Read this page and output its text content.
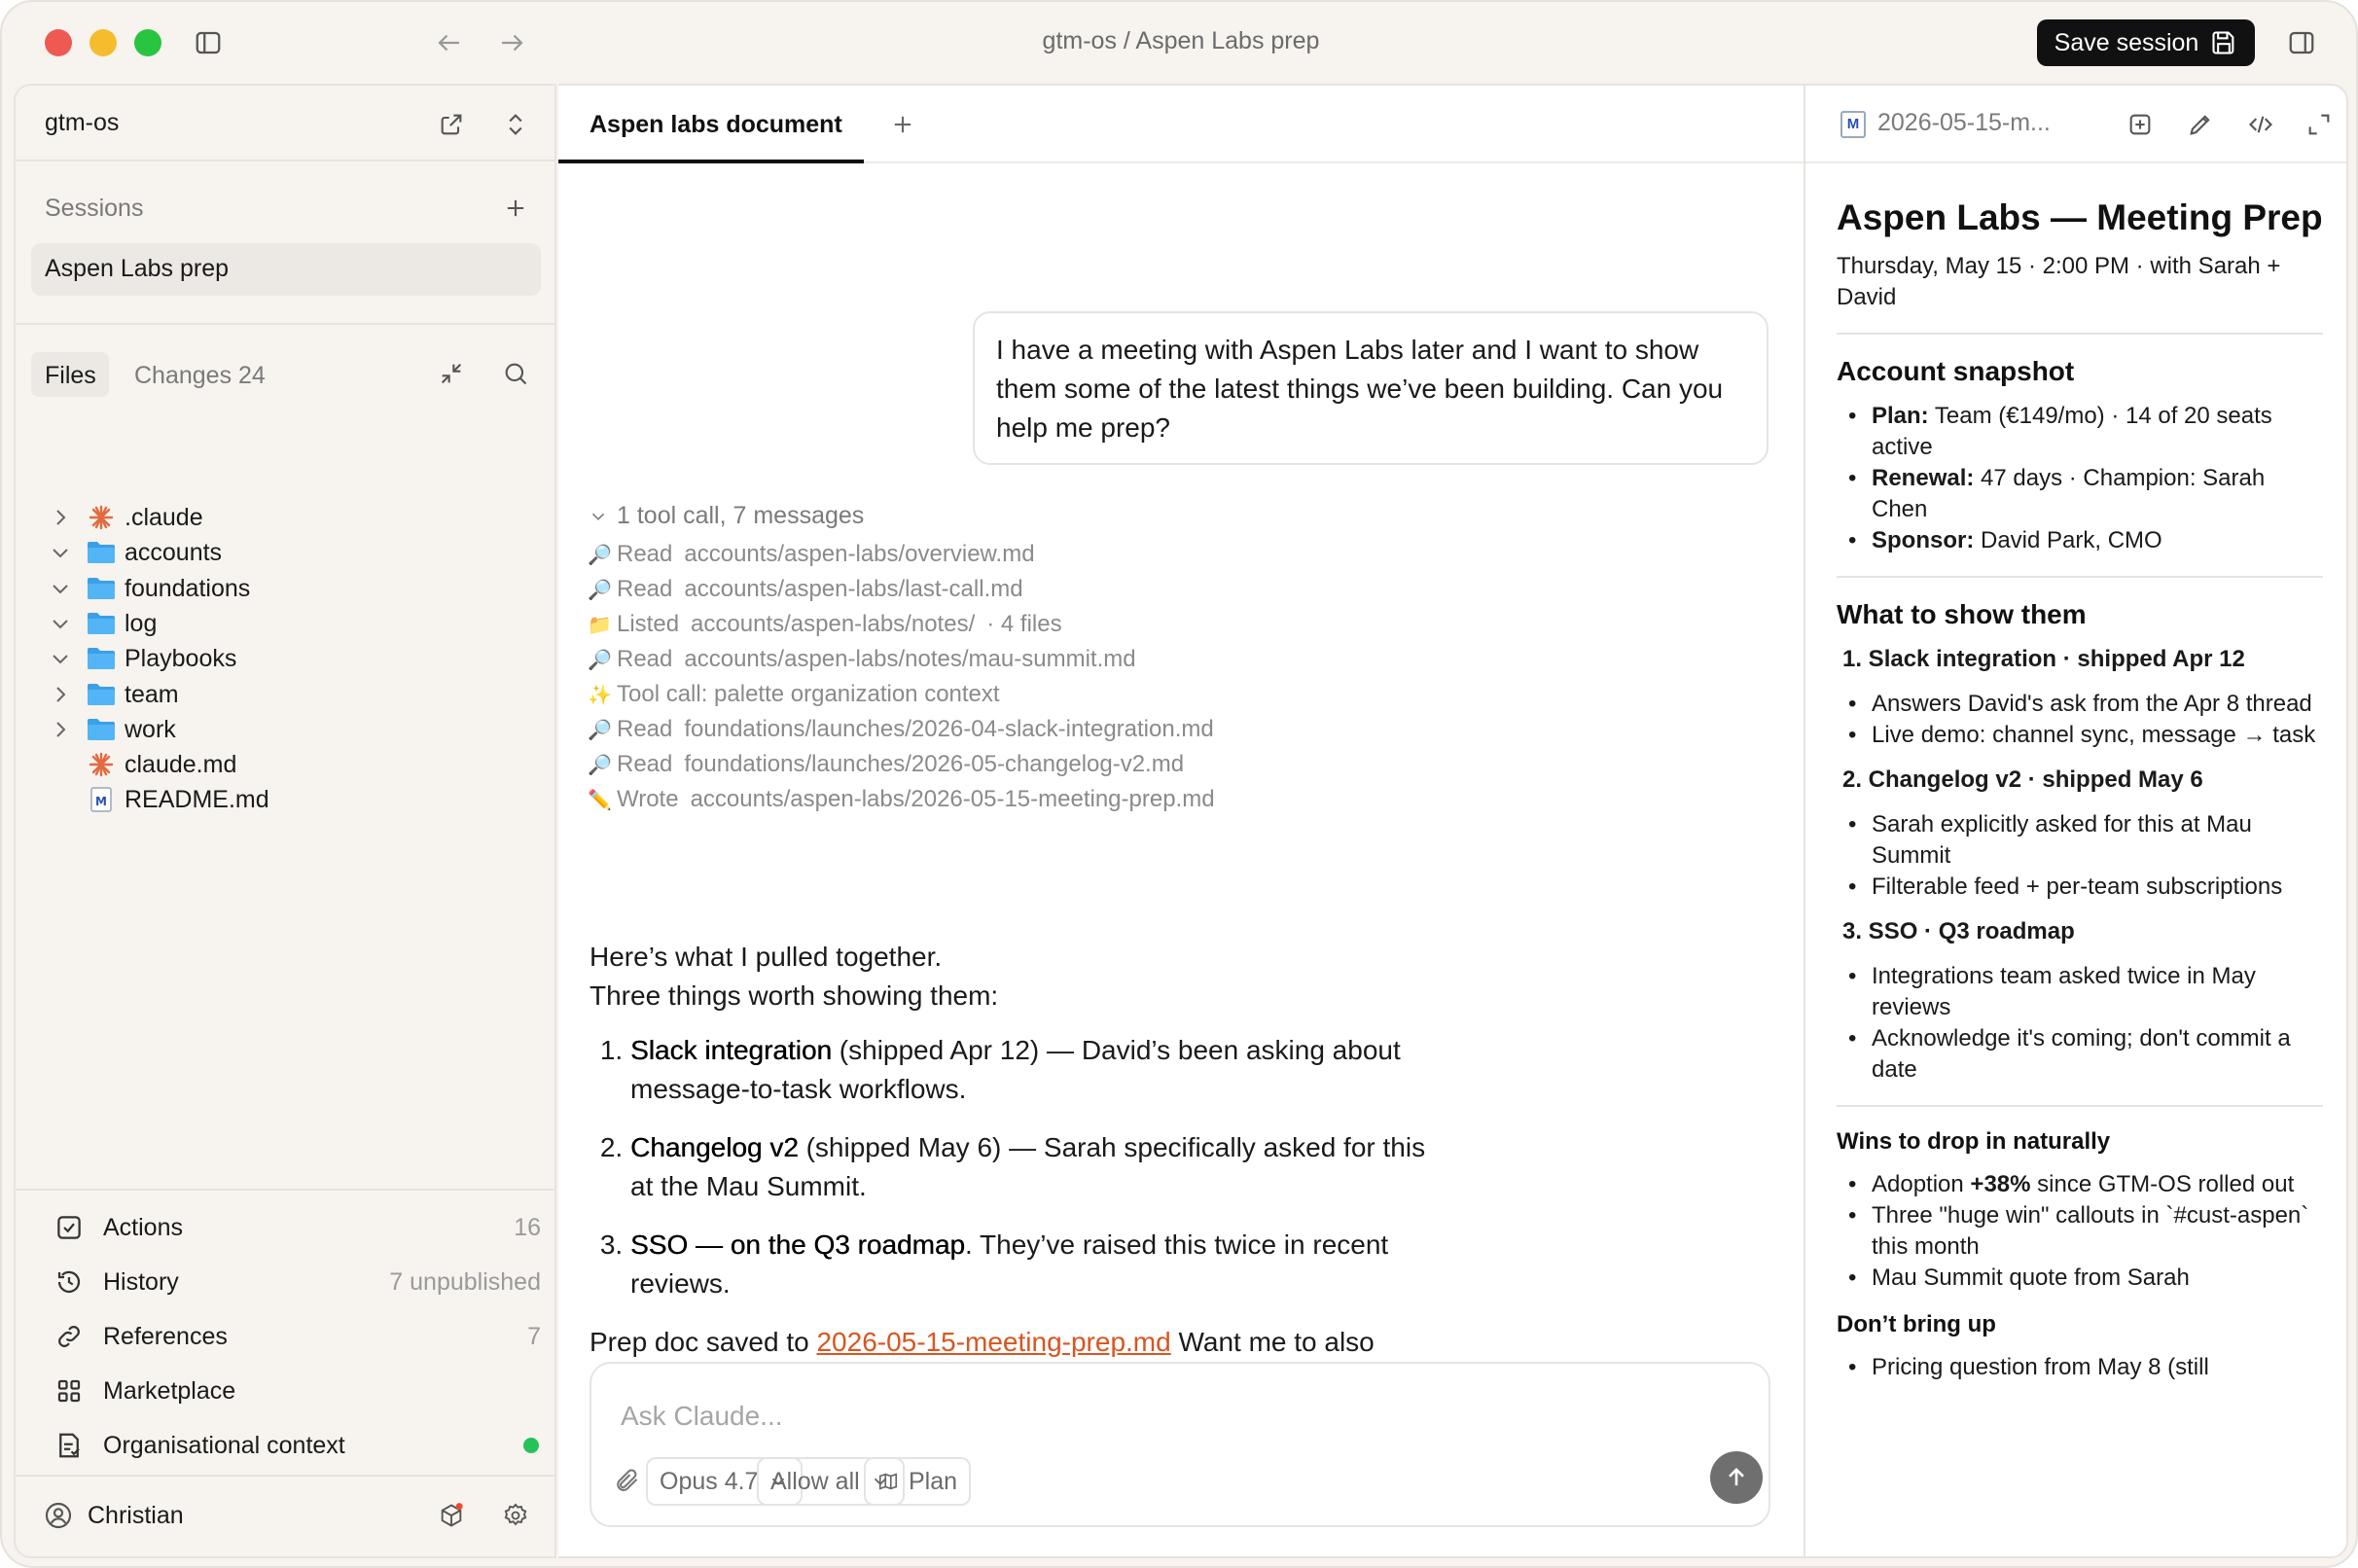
gtm-os / Aspen Labs prep	Save session
gtm-os
Sessions
Aspen Labs prep
Files	Changes 24
.claude
accounts
foundations
log
Playbooks
team
work
claude.md
M README.md
Actions	16
History	7 unpublished
References	7
Marketplace
Organisational context
Christian
Aspen labs document
I have a meeting with Aspen Labs later and I want to show them some of the latest things we’ve been building. Can you help me prep?
1 tool call, 7 messages
🔎 Read accounts/aspen-labs/overview.md
🔎 Read accounts/aspen-labs/last-call.md
📁 Listed accounts/aspen-labs/notes/ · 4 files
🔎 Read accounts/aspen-labs/notes/mau-summit.md
✨ Tool call: palette organization context
🔎 Read foundations/launches/2026-04-slack-integration.md
🔎 Read foundations/launches/2026-05-changelog-v2.md
✏️ Wrote accounts/aspen-labs/2026-05-15-meeting-prep.md
Here’s what I pulled together.
Three things worth showing them:
1. Slack integration (shipped Apr 12) — David’s been asking about message-to-task workflows.
2. Changelog v2 (shipped May 6) — Sarah specifically asked for this at the Mau Summit.
3. SSO — on the Q3 roadmap. They’ve raised this twice in recent reviews.
Prep doc saved to 2026-05-15-meeting-prep.md Want me to also
Ask Claude...
Opus 4.7 Allow all Plan
M 2026-05-15-m...
Aspen Labs — Meeting Prep
Thursday, May 15 · 2:00 PM · with Sarah + David
Account snapshot
• Plan: Team (€149/mo) · 14 of 20 seats active
• Renewal: 47 days · Champion: Sarah Chen
• Sponsor: David Park, CMO
What to show them
1. Slack integration · shipped Apr 12
• Answers David's ask from the Apr 8 thread
• Live demo: channel sync, message → task
2. Changelog v2 · shipped May 6
• Sarah explicitly asked for this at Mau Summit
• Filterable feed + per-team subscriptions
3. SSO · Q3 roadmap
• Integrations team asked twice in May reviews
• Acknowledge it's coming; don't commit a date
Wins to drop in naturally
• Adoption +38% since GTM-OS rolled out
• Three "huge win" callouts in `#cust-aspen` this month
• Mau Summit quote from Sarah
Don’t bring up
• Pricing question from May 8 (still
